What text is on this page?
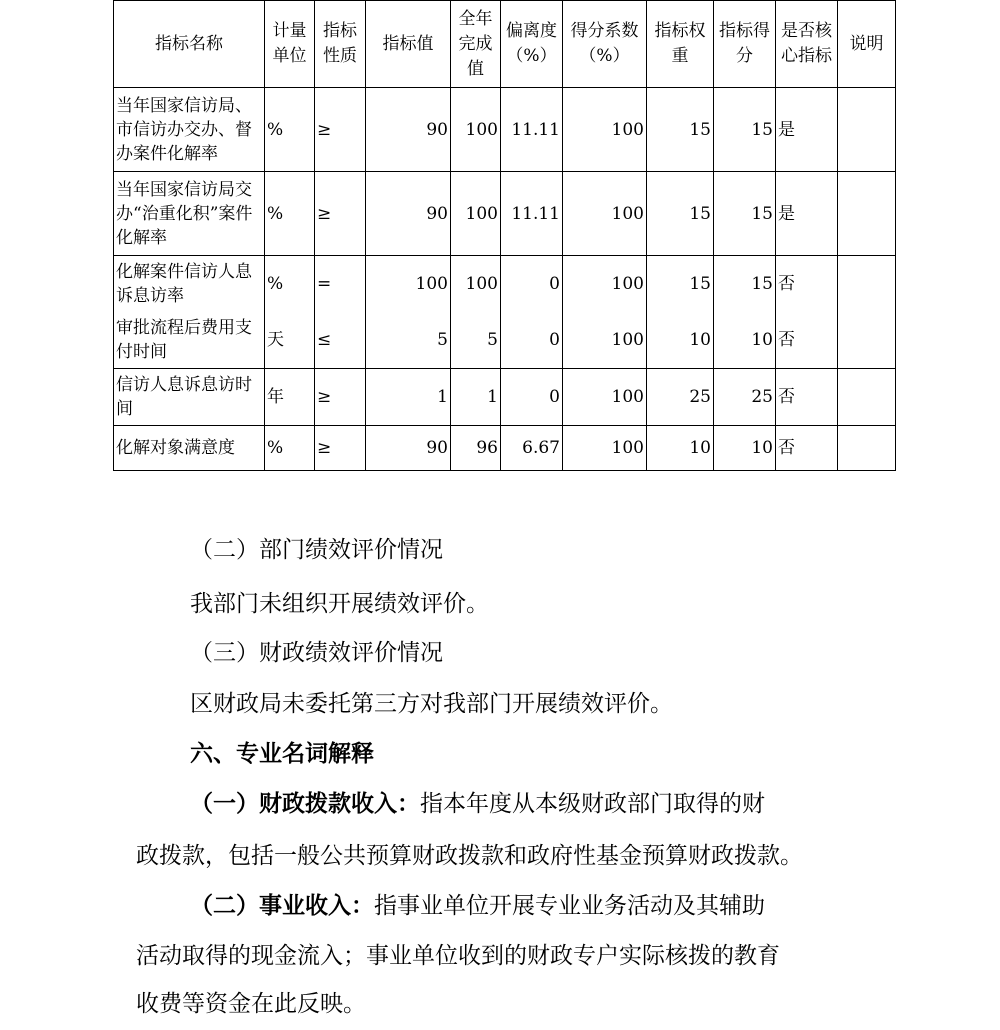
指标名称	计量单位	指标性质	指标值	全年完成值	偏离度（%）	得分系数（%）	指标权重	指标得分	是否核心指标	说明
当年国家信访局、市信访办交办、督办案件化解率	%	≥	90	100	11.11	100	15	15	是	
当年国家信访局交办“治重化积”案件化解率	%	≥	90	100	11.11	100	15	15	是	
化解案件信访人息诉息访率	%	=	100	100	0	100	15	15	否	
审批流程后费用支付时间	天	≤	5	5	0	100	10	10	否	
信访人息诉息访时间	年	≥	1	1	0	100	25	25	否	
化解对象满意度	%	≥	90	96	6.67	100	10	10	否	
（二）部门绩效评价情况
我部门未组织开展绩效评价。
（三）财政绩效评价情况
区财政局未委托第三方对我部门开展绩效评价。
六、专业名词解释
（一）财政拨款收入：指本年度从本级财政部门取得的财
政拨款，包括一般公共预算财政拨款和政府性基金预算财政拨款。
（二）事业收入：指事业单位开展专业业务活动及其辅助
活动取得的现金流入；事业单位收到的财政专户实际核拨的教育
收费等资金在此反映。
